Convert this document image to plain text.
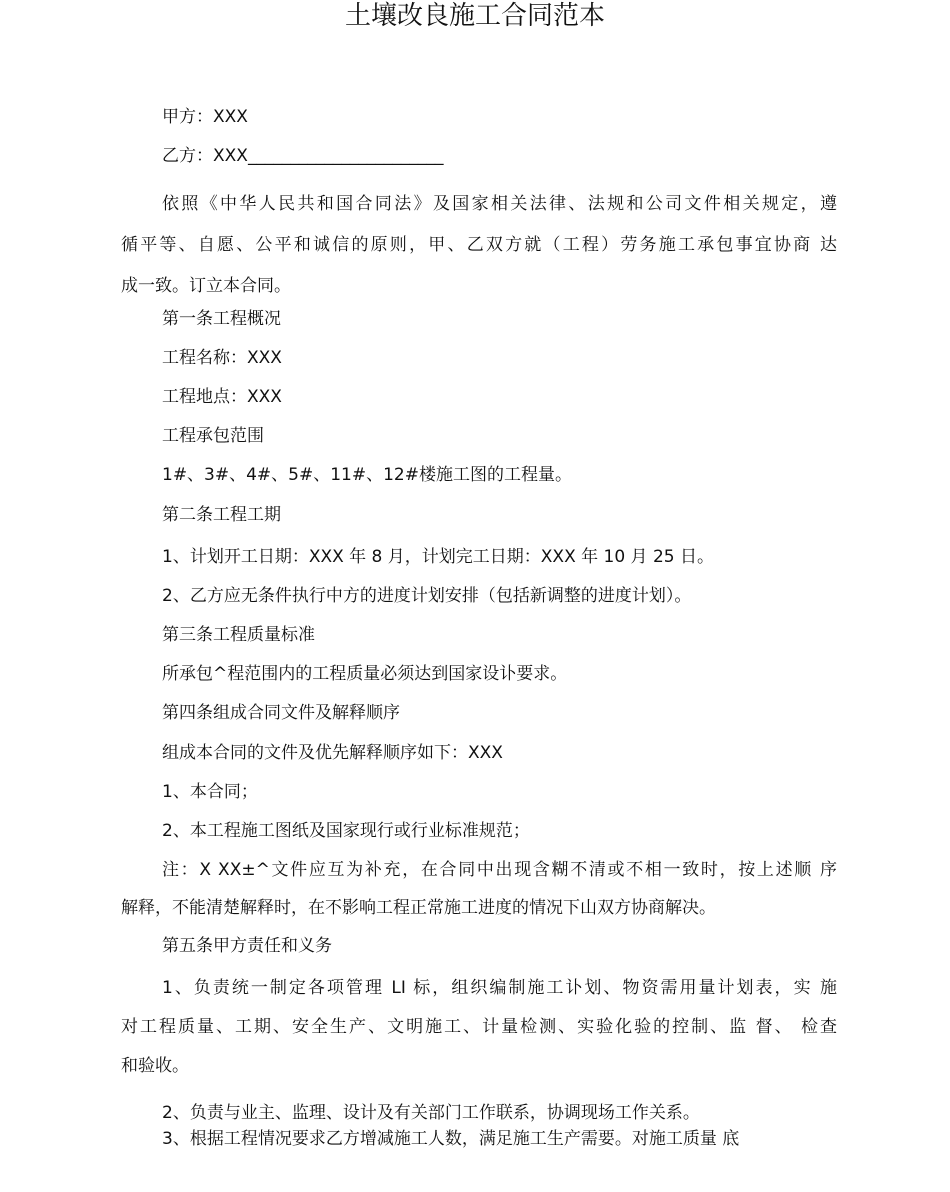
土壤改良施工合同范本

甲方：XXX

乙方：XXX_______________________

依照《中华人民共和国合同法》及国家相关法律、法规和公司文件相关规定，遵

循平等、自愿、公平和诚信的原则，甲、乙双方就（工程）劳务施工承包事宜协商 达

成一致。订立本合同。

第一条工程概况

工程名称：XXX

工程地点：XXX

工程承包范围

1#、3#、4#、5#、11#、12#楼施工图的工程量。

第二条工程工期

1、计划开工日期：XXX 年 8 月，计划完工日期：XXX 年 10 月 25 日。

2、乙方应无条件执行中方的进度计划安排（包括新调整的进度计划）。

第三条工程质量标准

所承包^程范围内的工程质量必须达到国家设讣要求。

第四条组成合同文件及解释顺序

组成本合同的文件及优先解释顺序如下：XXX

1、本合同；

2、本工程施工图纸及国家现行或行业标准规范；

注：X XX±^文件应互为补充，在合同中出现含糊不清或不相一致时，按上述顺 序

解释，不能清楚解释时，在不影响工程正常施工进度的情况下山双方协商解决。

第五条甲方责任和义务

1、负责统一制定各项管理 LI 标，组织编制施工讣划、物资需用量计划表，实 施

对工程质量、工期、安全生产、文明施工、计量检测、实验化验的控制、监 督、 检查

和验收。

2、负责与业主、监理、设计及有关部门工作联系，协调现场工作关系。

3、根据工程情况要求乙方增减施工人数，满足施工生产需要。对施工质量 底
